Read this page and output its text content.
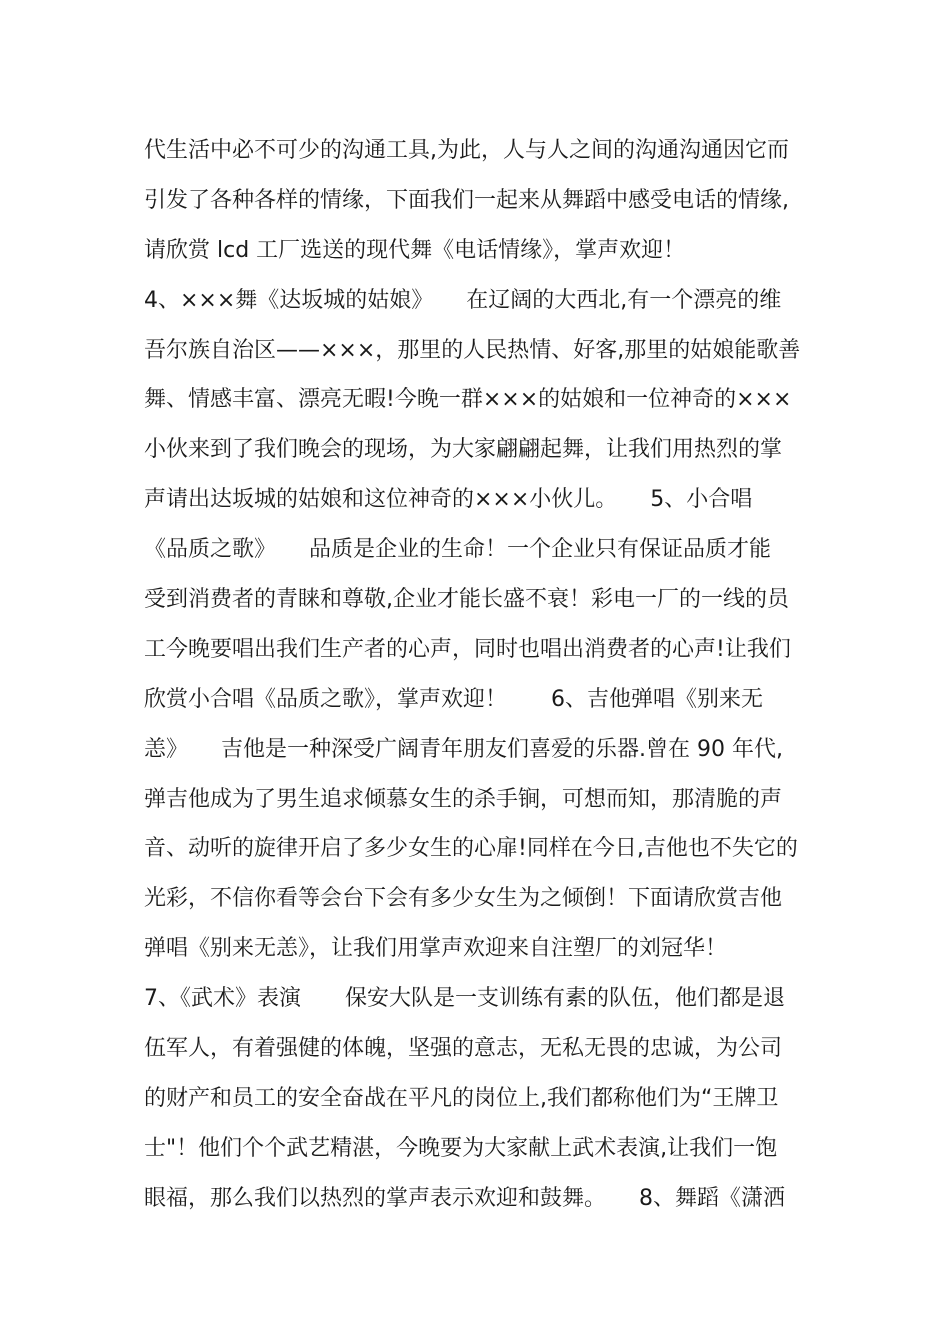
代生活中必不可少的沟通工具,为此，人与人之间的沟通沟通因它而
引发了各种各样的情缘，下面我们一起来从舞蹈中感受电话的情缘,
请欣赏 lcd 工厂选送的现代舞《电话情缘》，掌声欢迎！
4、×××舞《达坂城的姑娘》　　在辽阔的大西北,有一个漂亮的维
吾尔族自治区——×××，那里的人民热情、好客,那里的姑娘能歌善
舞、情感丰富、漂亮无暇!今晚一群×××的姑娘和一位神奇的×××
小伙来到了我们晚会的现场，为大家翩翩起舞，让我们用热烈的掌
声请出达坂城的姑娘和这位神奇的×××小伙儿。　　5、小合唱
《品质之歌》　　品质是企业的生命！一个企业只有保证品质才能
受到消费者的青睐和尊敬,企业才能长盛不衰！彩电一厂的一线的员
工今晚要唱出我们生产者的心声，同时也唱出消费者的心声!让我们
欣赏小合唱《品质之歌》，掌声欢迎！　　6、吉他弹唱《别来无
恙》　　吉他是一种深受广阔青年朋友们喜爱的乐器.曾在 90 年代,
弹吉他成为了男生追求倾慕女生的杀手锏，可想而知，那清脆的声
音、动听的旋律开启了多少女生的心扉!同样在今日,吉他也不失它的
光彩，不信你看等会台下会有多少女生为之倾倒！下面请欣赏吉他
弹唱《别来无恙》，让我们用掌声欢迎来自注塑厂的刘冠华！
7、《武术》表演　　保安大队是一支训练有素的队伍，他们都是退
伍军人，有着强健的体魄，坚强的意志，无私无畏的忠诚，为公司
的财产和员工的安全奋战在平凡的岗位上,我们都称他们为“王牌卫
士"！他们个个武艺精湛，今晚要为大家献上武术表演,让我们一饱
眼福，那么我们以热烈的掌声表示欢迎和鼓舞。　　8、舞蹈《潇洒
